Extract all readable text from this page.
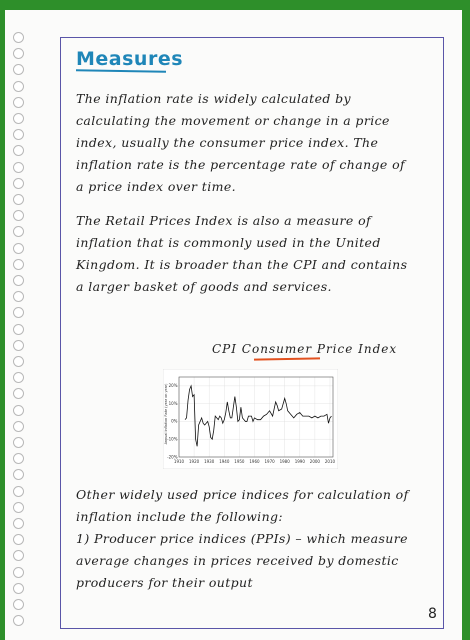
Measures

The inflation rate is widely calculated by calculating the movement or change in a price index, usually the consumer price index. The inflation rate is the percentage rate of change of a price index over time.

The Retail Prices Index is also a measure of inflation that is commonly used in the United Kingdom. It is broader than the CPI and contains a larger basket of goods and services.

CPI Consumer Price Index

Annual Inflation Rate (year on year) 20%
10%
0%
-10%
-20%
1910 1920 1930 1940 1950 1960 1970 1980 1990 2000 2010

Other widely used price indices for calculation of inflation include the following:

1) Producer price indices (PPIs) – which measure average changes in prices received by domestic producers for their output

8
